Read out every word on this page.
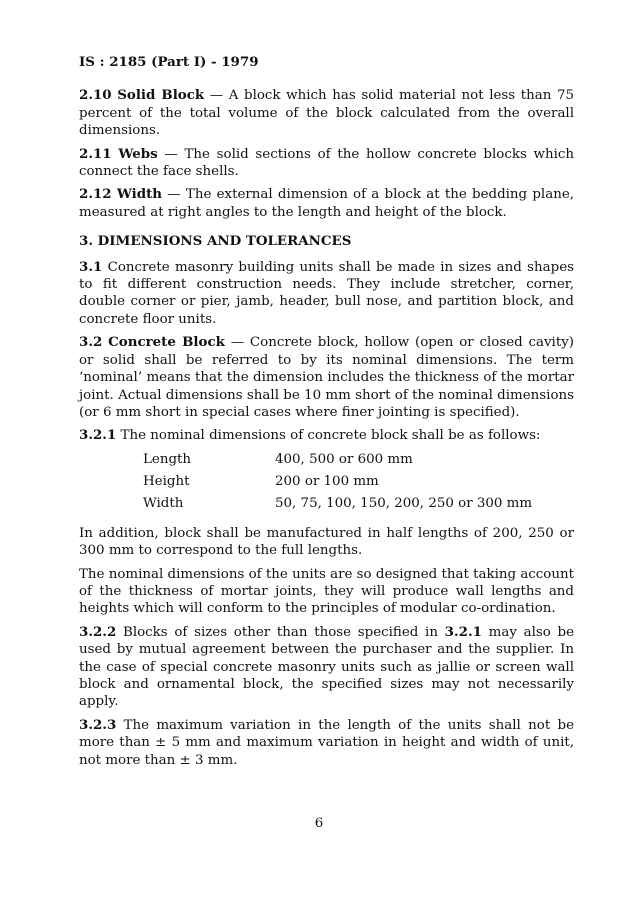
IS : 2185 (Part I) - 1979

2.10 Solid Block — A block which has solid material not less than 75 percent of the total volume of the block calculated from the overall dimensions.

2.11 Webs — The solid sections of the hollow concrete blocks which connect the face shells.

2.12 Width — The external dimension of a block at the bedding plane, measured at right angles to the length and height of the block.

3. DIMENSIONS AND TOLERANCES

3.1 Concrete masonry building units shall be made in sizes and shapes to fit different construction needs. They include stretcher, corner, double corner or pier, jamb, header, bull nose, and partition block, and concrete floor units.

3.2 Concrete Block — Concrete block, hollow (open or closed cavity) or solid shall be referred to by its nominal dimensions. The term ‘nominal’ means that the dimension includes the thickness of the mortar joint. Actual dimensions shall be 10 mm short of the nominal dimensions (or 6 mm short in special cases where finer jointing is specified).

3.2.1 The nominal dimensions of concrete block shall be as follows:

Length	400, 500 or 600 mm
Height	200 or 100 mm
Width	50, 75, 100, 150, 200, 250 or 300 mm

In addition, block shall be manufactured in half lengths of 200, 250 or 300 mm to correspond to the full lengths.

The nominal dimensions of the units are so designed that taking account of the thickness of mortar joints, they will produce wall lengths and heights which will conform to the principles of modular co-ordination.

3.2.2 Blocks of sizes other than those specified in 3.2.1 may also be used by mutual agreement between the purchaser and the supplier. In the case of special concrete masonry units such as jallie or screen wall block and ornamental block, the specified sizes may not necessarily apply.

3.2.3 The maximum variation in the length of the units shall not be more than ± 5 mm and maximum variation in height and width of unit, not more than ± 3 mm.

6
